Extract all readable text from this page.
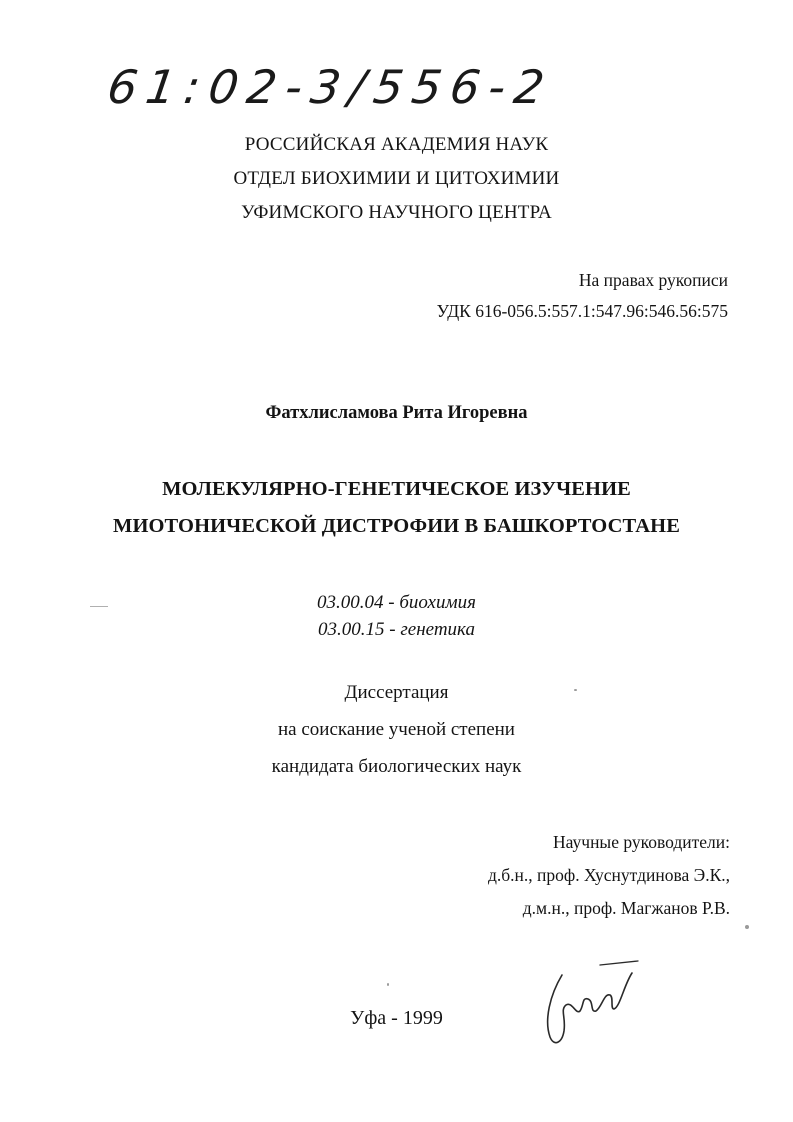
61:02-3/556-2
РОССИЙСКАЯ АКАДЕМИЯ НАУК
ОТДЕЛ БИОХИМИИ И ЦИТОХИМИИ
УФИМСКОГО НАУЧНОГО ЦЕНТРА
На правах рукописи
УДК 616-056.5:557.1:547.96:546.56:575
Фатхлисламова Рита Игоревна
МОЛЕКУЛЯРНО-ГЕНЕТИЧЕСКОЕ ИЗУЧЕНИЕ
МИОТОНИЧЕСКОЙ ДИСТРОФИИ В БАШКОРТОСТАНЕ
03.00.04 - биохимия
03.00.15 - генетика
Диссертация
на соискание ученой степени
кандидата биологических наук
Научные руководители:
д.б.н., проф. Хуснутдинова Э.К.,
д.м.н., проф. Магжанов Р.В.
Уфа - 1999
